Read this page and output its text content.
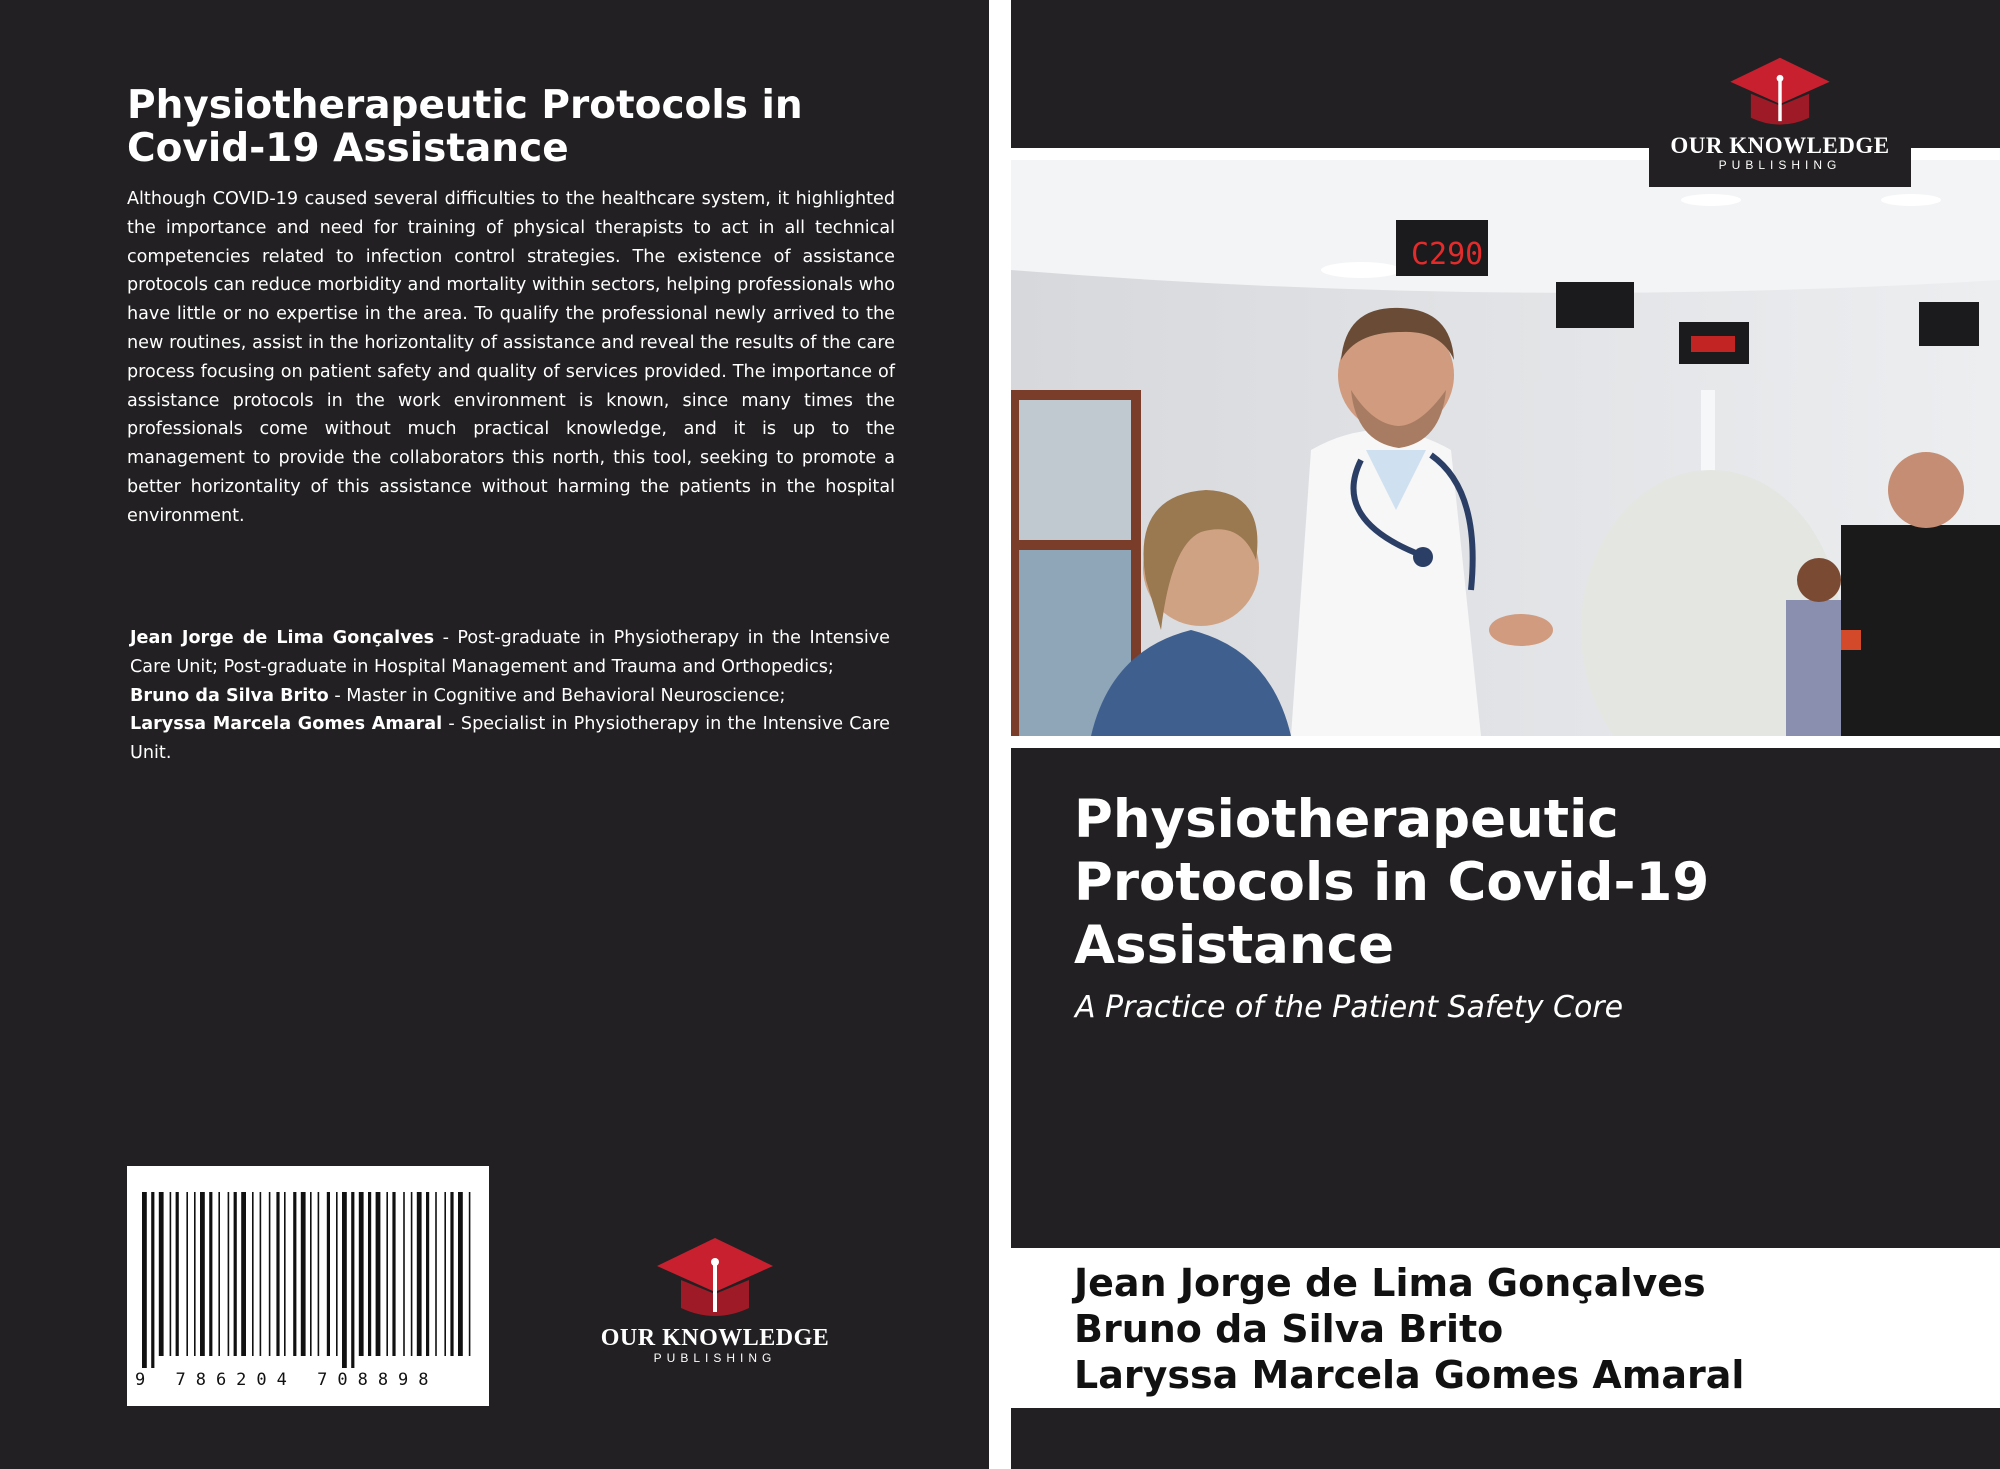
Physiotherapeutic Protocols in
Covid-19 Assistance

Although COVID-19 caused several difficulties to the healthcare system, it highlighted the importance and need for training of physical therapists to act in all technical competencies related to infection control strategies. The existence of assistance protocols can reduce morbidity and mortality within sectors, helping professionals who have little or no expertise in the area. To qualify the professional newly arrived to the new routines, assist in the horizontality of assistance and reveal the results of the care process focusing on patient safety and quality of services provided. The importance of assistance protocols in the work environment is known, since many times the professionals come without much practical knowledge, and it is up to the management to provide the collaborators this north, this tool, seeking to promote a better horizontality of this assistance without harming the patients in the hospital environment.

Jean Jorge de Lima Gonçalves - Post-graduate in Physiotherapy in the Intensive Care Unit; Post-graduate in Hospital Management and Trauma and Orthopedics;
Bruno da Silva Brito - Master in Cognitive and Behavioral Neuroscience;
Laryssa Marcela Gomes Amaral - Specialist in Physiotherapy in the Intensive Care Unit.

9 786204 708898
OUR KNOWLEDGE
PUBLISHING
C290
OUR KNOWLEDGE
PUBLISHING
Physiotherapeutic
Protocols in Covid-19
Assistance

A Practice of the Patient Safety Core

Jean Jorge de Lima Gonçalves
Bruno da Silva Brito
Laryssa Marcela Gomes Amaral
